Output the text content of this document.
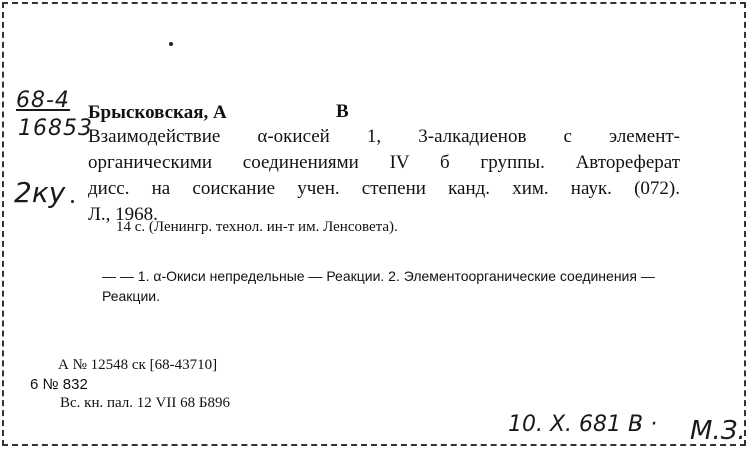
68-4
16853
2ку
Брысковская, А	В
Взаимодействие α-окисей 1, 3-алкадиенов с элемент-
органическими соединениями IV б группы. Автореферат
дисс. на соискание учен. степени канд. хим. наук. (072).
Л., 1968.
14 с. (Ленингр. технол. ин-т им. Ленсовета).
— — 1. α-Окиси непредельные — Реакции. 2. Элементоорганические соединения — Реакции.
А № 12548 ск [68-43710]
6 № 832
Вс. кн. пал. 12 VII 68 Б896
10. Х. 681 В · М.З.
